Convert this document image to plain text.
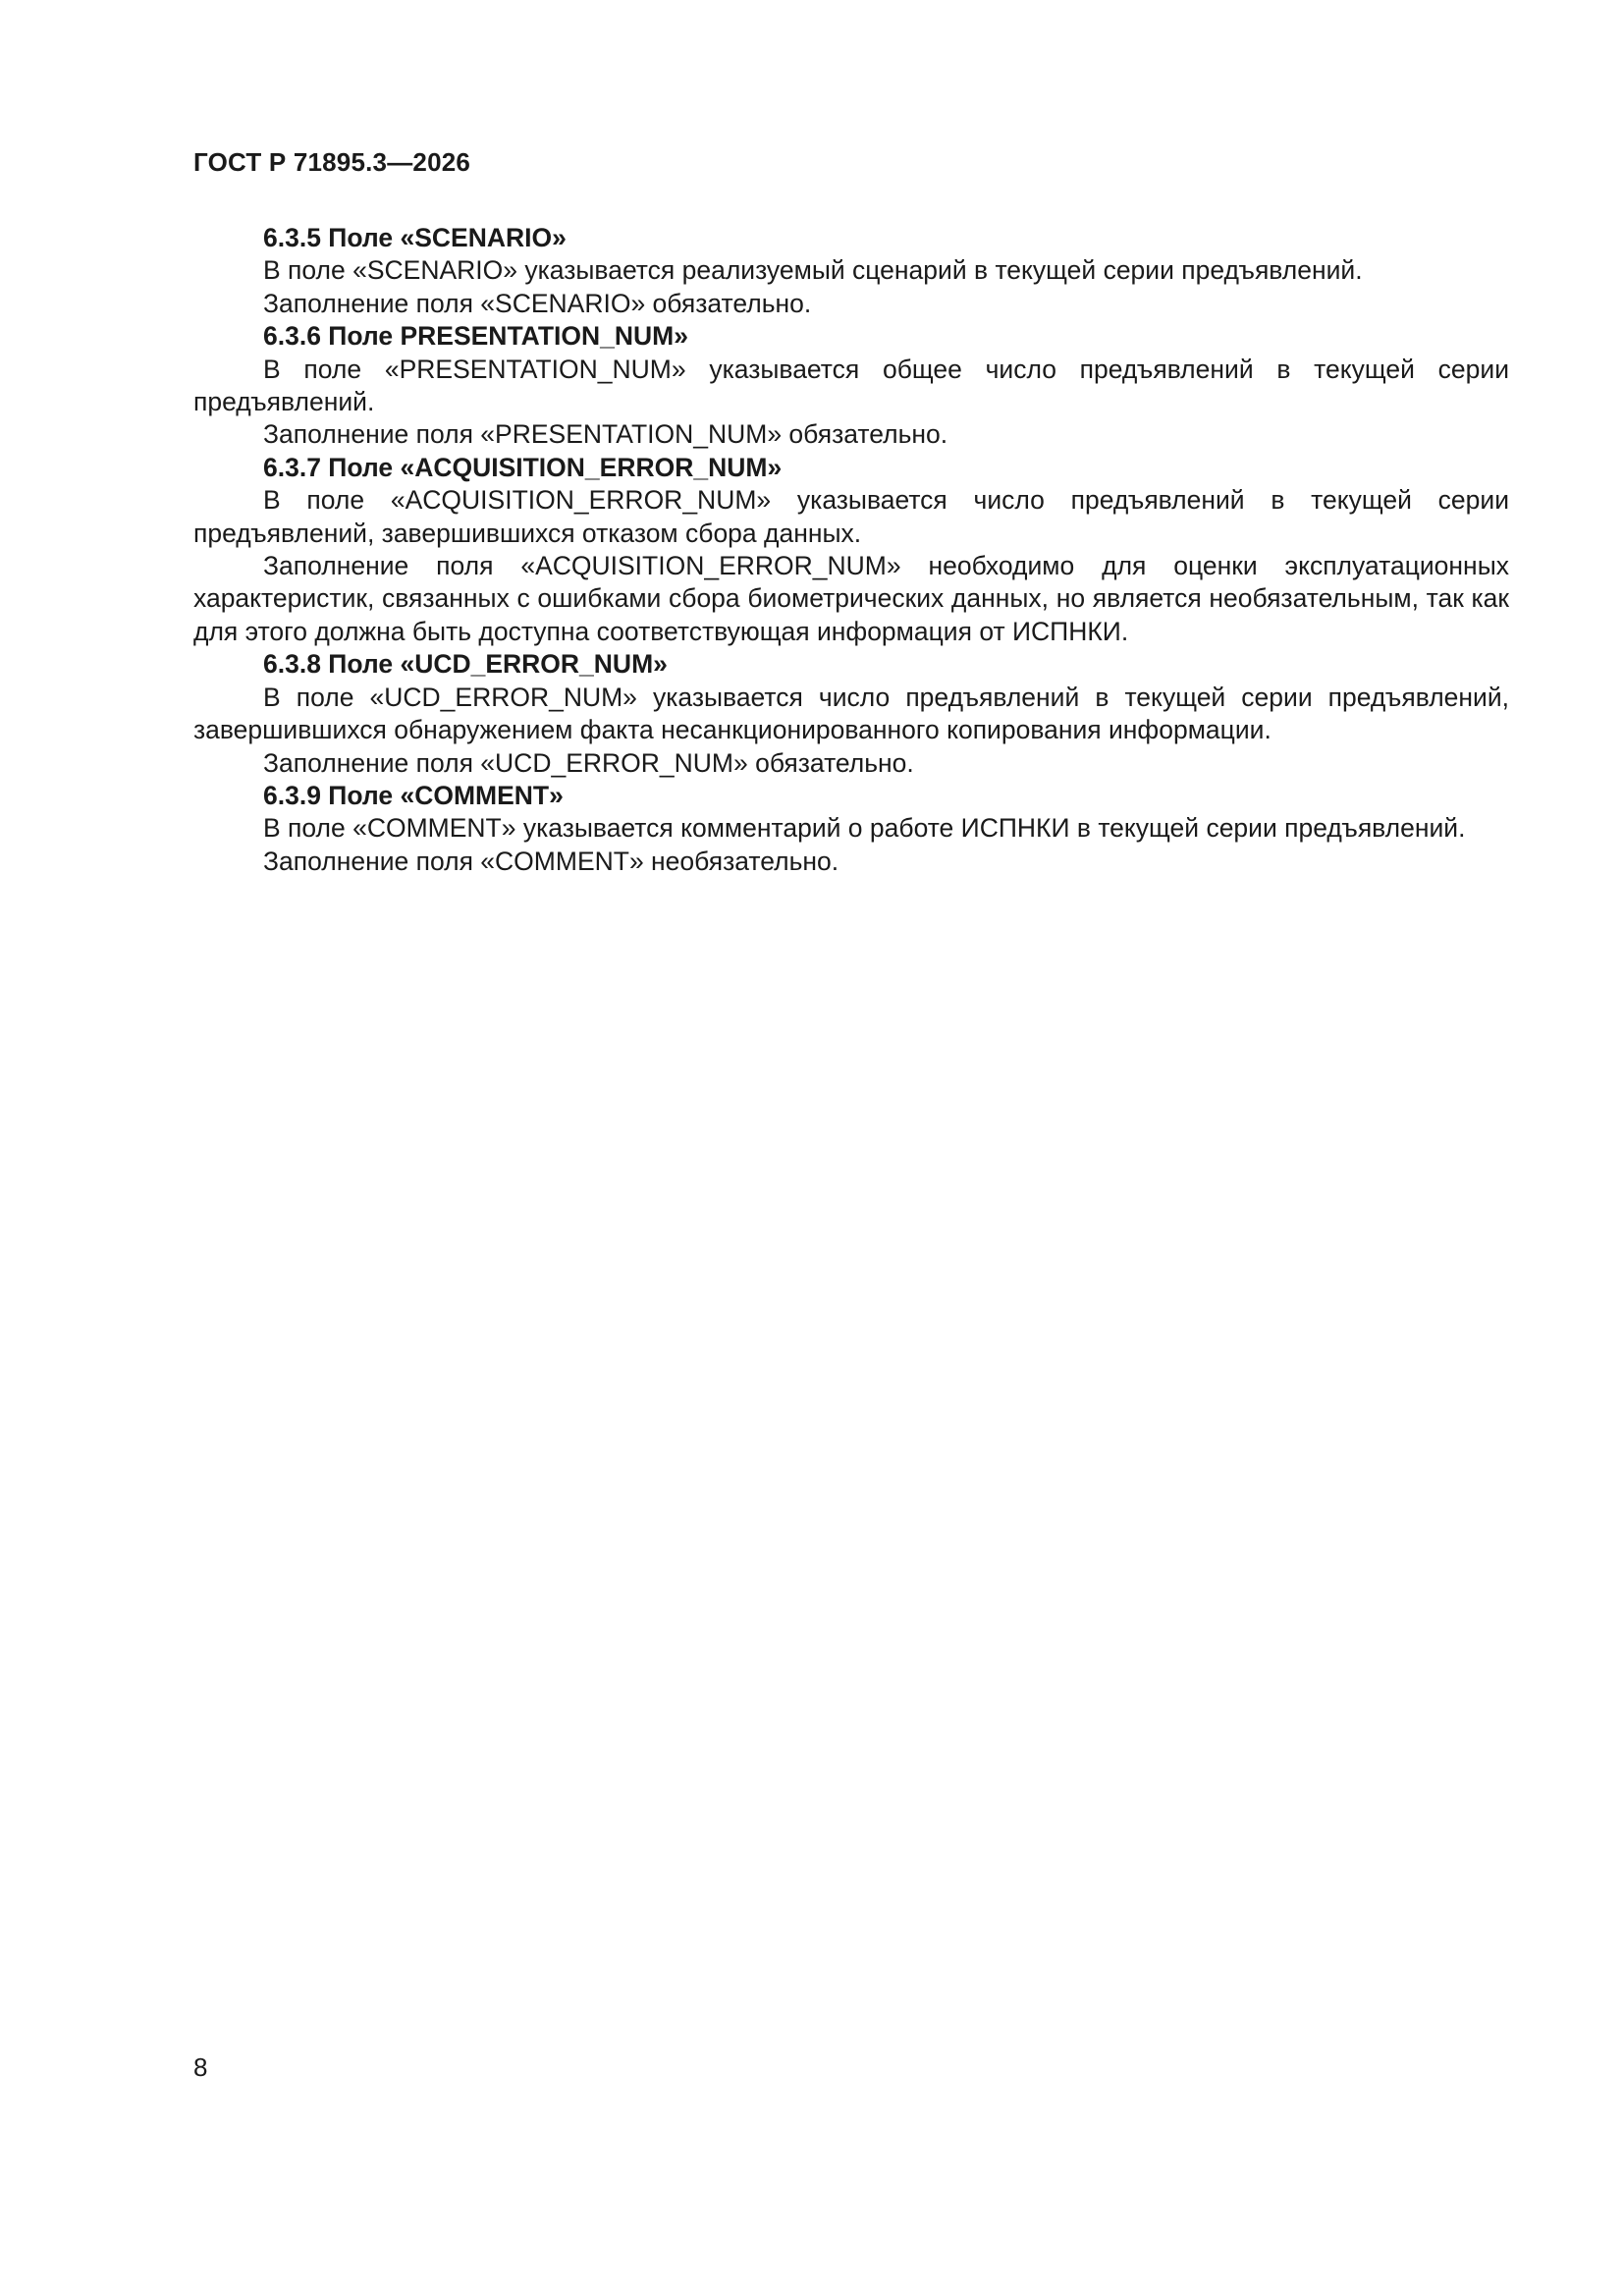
ГОСТ Р 71895.3—2026

6.3.5 Поле «SCENARIO»

В поле «SCENARIO» указывается реализуемый сценарий в текущей серии предъявлений.

Заполнение поля «SCENARIO» обязательно.

6.3.6 Поле PRESENTATION_NUM»

В поле «PRESENTATION_NUM» указывается общее число предъявлений в текущей серии предъявлений.

Заполнение поля «PRESENTATION_NUM» обязательно.

6.3.7 Поле «ACQUISITION_ERROR_NUM»

В поле «ACQUISITION_ERROR_NUM» указывается число предъявлений в текущей серии предъявлений, завершившихся отказом сбора данных.

Заполнение поля «ACQUISITION_ERROR_NUM» необходимо для оценки эксплуатационных характеристик, связанных с ошибками сбора биометрических данных, но является необязательным, так как для этого должна быть доступна соответствующая информация от ИСПНКИ.

6.3.8 Поле «UCD_ERROR_NUM»

В поле «UCD_ERROR_NUM» указывается число предъявлений в текущей серии предъявлений, завершившихся обнаружением факта несанкционированного копирования информации.

Заполнение поля «UCD_ERROR_NUM» обязательно.

6.3.9 Поле «COMMENT»

В поле «COMMENT» указывается комментарий о работе ИСПНКИ в текущей серии предъявлений.

Заполнение поля «COMMENT» необязательно.

8
